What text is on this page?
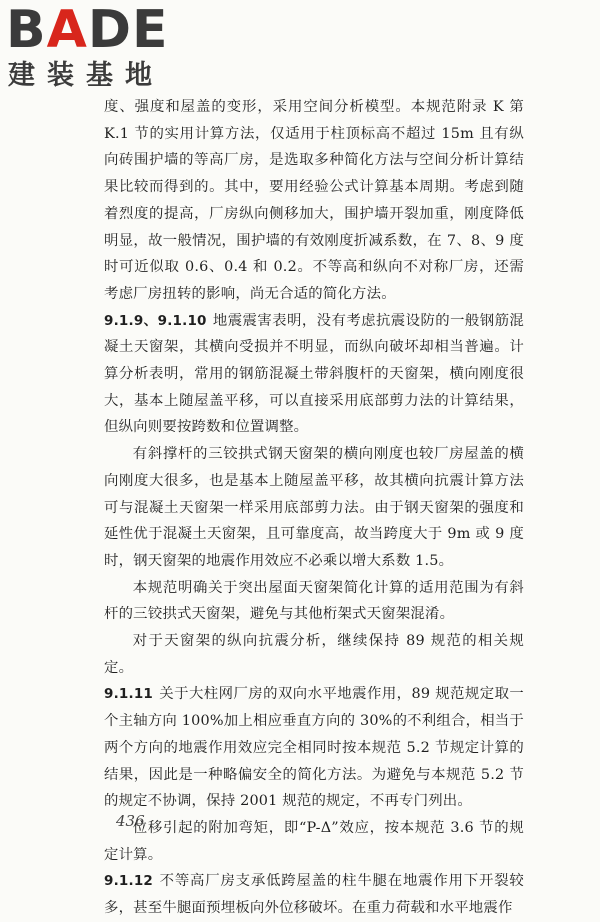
BADE
建装基地

度、强度和屋盖的变形，采用空间分析模型。本规范附录 K 第 K.1 节的实用计算方法，仅适用于柱顶标高不超过 15m 且有纵向砖围护墙的等高厂房，是选取多种简化方法与空间分析计算结果比较而得到的。其中，要用经验公式计算基本周期。考虑到随着烈度的提高，厂房纵向侧移加大，围护墙开裂加重，刚度降低明显，故一般情况，围护墙的有效刚度折减系数，在 7、8、9 度时可近似取 0.6、0.4 和 0.2。不等高和纵向不对称厂房，还需考虑厂房扭转的影响，尚无合适的简化方法。

9.1.9、9.1.10 地震震害表明，没有考虑抗震设防的一般钢筋混凝土天窗架，其横向受损并不明显，而纵向破坏却相当普遍。计算分析表明，常用的钢筋混凝土带斜腹杆的天窗架，横向刚度很大，基本上随屋盖平移，可以直接采用底部剪力法的计算结果，但纵向则要按跨数和位置调整。

有斜撑杆的三铰拱式钢天窗架的横向刚度也较厂房屋盖的横向刚度大很多，也是基本上随屋盖平移，故其横向抗震计算方法可与混凝土天窗架一样采用底部剪力法。由于钢天窗架的强度和延性优于混凝土天窗架，且可靠度高，故当跨度大于 9m 或 9 度时，钢天窗架的地震作用效应不必乘以增大系数 1.5。

本规范明确关于突出屋面天窗架简化计算的适用范围为有斜杆的三铰拱式天窗架，避免与其他桁架式天窗架混淆。

对于天窗架的纵向抗震分析，继续保持 89 规范的相关规定。

9.1.11 关于大柱网厂房的双向水平地震作用，89 规范规定取一个主轴方向 100%加上相应垂直方向的 30%的不利组合，相当于两个方向的地震作用效应完全相同时按本规范 5.2 节规定计算的结果，因此是一种略偏安全的简化方法。为避免与本规范 5.2 节的规定不协调，保持 2001 规范的规定，不再专门列出。

位移引起的附加弯矩，即“P-Δ”效应，按本规范 3.6 节的规定计算。

9.1.12 不等高厂房支承低跨屋盖的柱牛腿在地震作用下开裂较多，甚至牛腿面预埋板向外位移破坏。在重力荷载和水平地震作

436
